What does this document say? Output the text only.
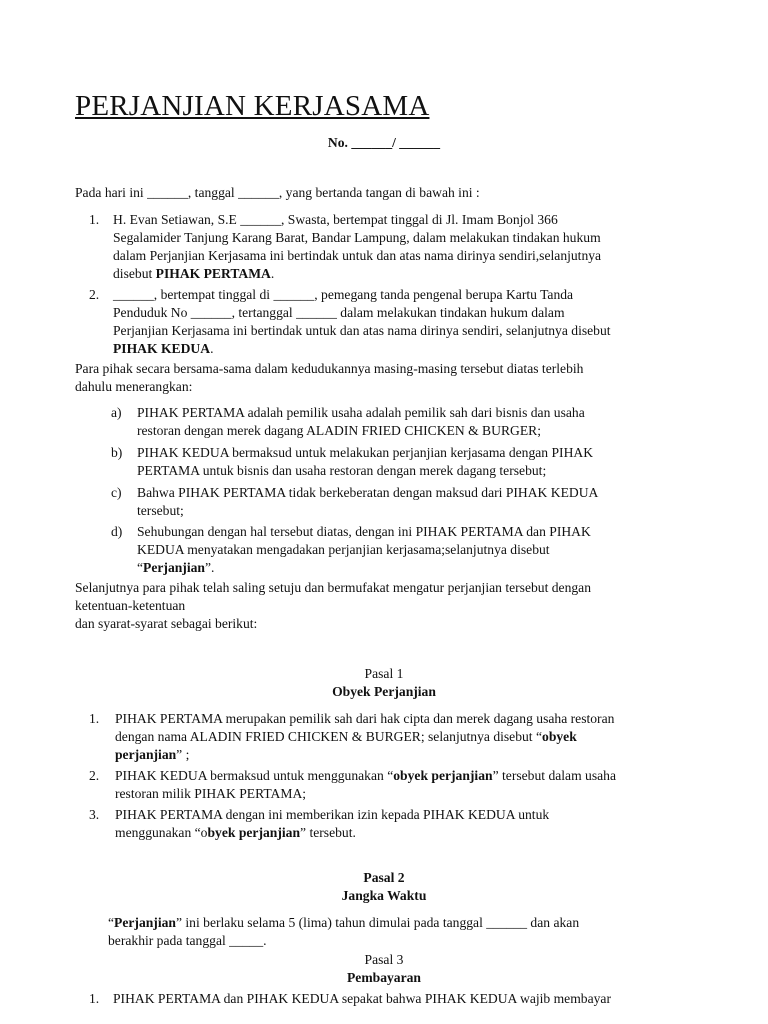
PERJANJIAN KERJASAMA
No. ______/ ______
Pada hari ini ______, tanggal ______, yang bertanda tangan di bawah ini :
1. H. Evan Setiawan, S.E ______, Swasta, bertempat tinggal di Jl. Imam Bonjol 366
Segalamider Tanjung Karang Barat, Bandar Lampung, dalam melakukan tindakan hukum
dalam Perjanjian Kerjasama ini bertindak untuk dan atas nama dirinya sendiri,selanjutnya
disebut PIHAK PERTAMA.
2. ______, bertempat tinggal di ______, pemegang tanda pengenal berupa Kartu Tanda
Penduduk No ______, tertanggal ______ dalam melakukan tindakan hukum dalam
Perjanjian Kerjasama ini bertindak untuk dan atas nama dirinya sendiri, selanjutnya disebut
PIHAK KEDUA.
Para pihak secara bersama-sama dalam kedudukannya masing-masing tersebut diatas terlebih
dahulu menerangkan:
a) PIHAK PERTAMA adalah pemilik usaha adalah pemilik sah dari bisnis dan usaha
restoran dengan merek dagang ALADIN FRIED CHICKEN & BURGER;
b) PIHAK KEDUA bermaksud untuk melakukan perjanjian kerjasama dengan PIHAK
PERTAMA untuk bisnis dan usaha restoran dengan merek dagang tersebut;
c) Bahwa PIHAK PERTAMA tidak berkeberatan dengan maksud dari PIHAK KEDUA
tersebut;
d) Sehubungan dengan hal tersebut diatas, dengan ini PIHAK PERTAMA dan PIHAK
KEDUA menyatakan mengadakan perjanjian kerjasama;selanjutnya disebut
“Perjanjian”.
Selanjutnya para pihak telah saling setuju dan bermufakat mengatur perjanjian tersebut dengan
ketentuan-ketentuan
dan syarat-syarat sebagai berikut:
Pasal 1
Obyek Perjanjian
1. PIHAK PERTAMA merupakan pemilik sah dari hak cipta dan merek dagang usaha restoran
dengan nama ALADIN FRIED CHICKEN & BURGER; selanjutnya disebut “obyek
perjanjian” ;
2. PIHAK KEDUA bermaksud untuk menggunakan “obyek perjanjian” tersebut dalam usaha
restoran milik PIHAK PERTAMA;
3. PIHAK PERTAMA dengan ini memberikan izin kepada PIHAK KEDUA untuk
menggunakan “obyek perjanjian” tersebut.
Pasal 2
Jangka Waktu
“Perjanjian” ini berlaku selama 5 (lima) tahun dimulai pada tanggal ______ dan akan
berakhir pada tanggal _____.
Pasal 3
Pembayaran
1. PIHAK PERTAMA dan PIHAK KEDUA sepakat bahwa PIHAK KEDUA wajib membayar
